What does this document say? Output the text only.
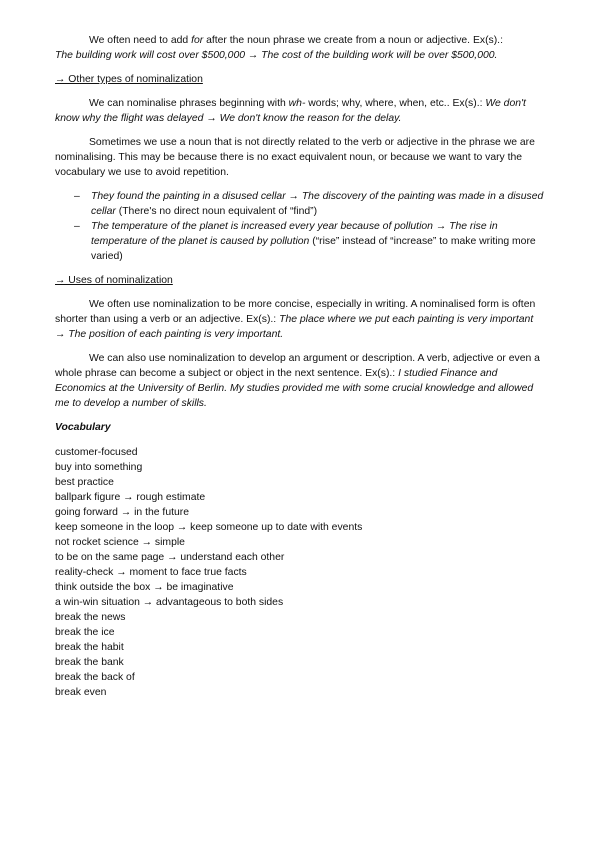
We often need to add for after the noun phrase we create from a noun or adjective. Ex(s).:
The building work will cost over $500,000 → The cost of the building work will be over $500,000.

→ Other types of nominalization

We can nominalise phrases beginning with wh- words; why, where, when, etc.. Ex(s).: We don't know why the flight was delayed → We don't know the reason for the delay.

Sometimes we use a noun that is not directly related to the verb or adjective in the phrase we are nominalising. This may be because there is no exact equivalent noun, or because we want to vary the vocabulary we use to avoid repetition.

– They found the painting in a disused cellar → The discovery of the painting was made in a disused cellar (There's no direct noun equivalent of “find”)
– The temperature of the planet is increased every year because of pollution → The rise in temperature of the planet is caused by pollution (“rise” instead of “increase” to make writing more varied)

→ Uses of nominalization

We often use nominalization to be more concise, especially in writing. A nominalised form is often shorter than using a verb or an adjective. Ex(s).: The place where we put each painting is very important → The position of each painting is very important.

We can also use nominalization to develop an argument or description. A verb, adjective or even a whole phrase can become a subject or object in the next sentence. Ex(s).: I studied Finance and Economics at the University of Berlin. My studies provided me with some crucial knowledge and allowed me to develop a number of skills.

Vocabulary

customer-focused
buy into something
best practice
ballpark figure → rough estimate
going forward → in the future
keep someone in the loop → keep someone up to date with events
not rocket science → simple
to be on the same page → understand each other
reality-check → moment to face true facts
think outside the box → be imaginative
a win-win situation → advantageous to both sides
break the news
break the ice
break the habit
break the bank
break the back of
break even
